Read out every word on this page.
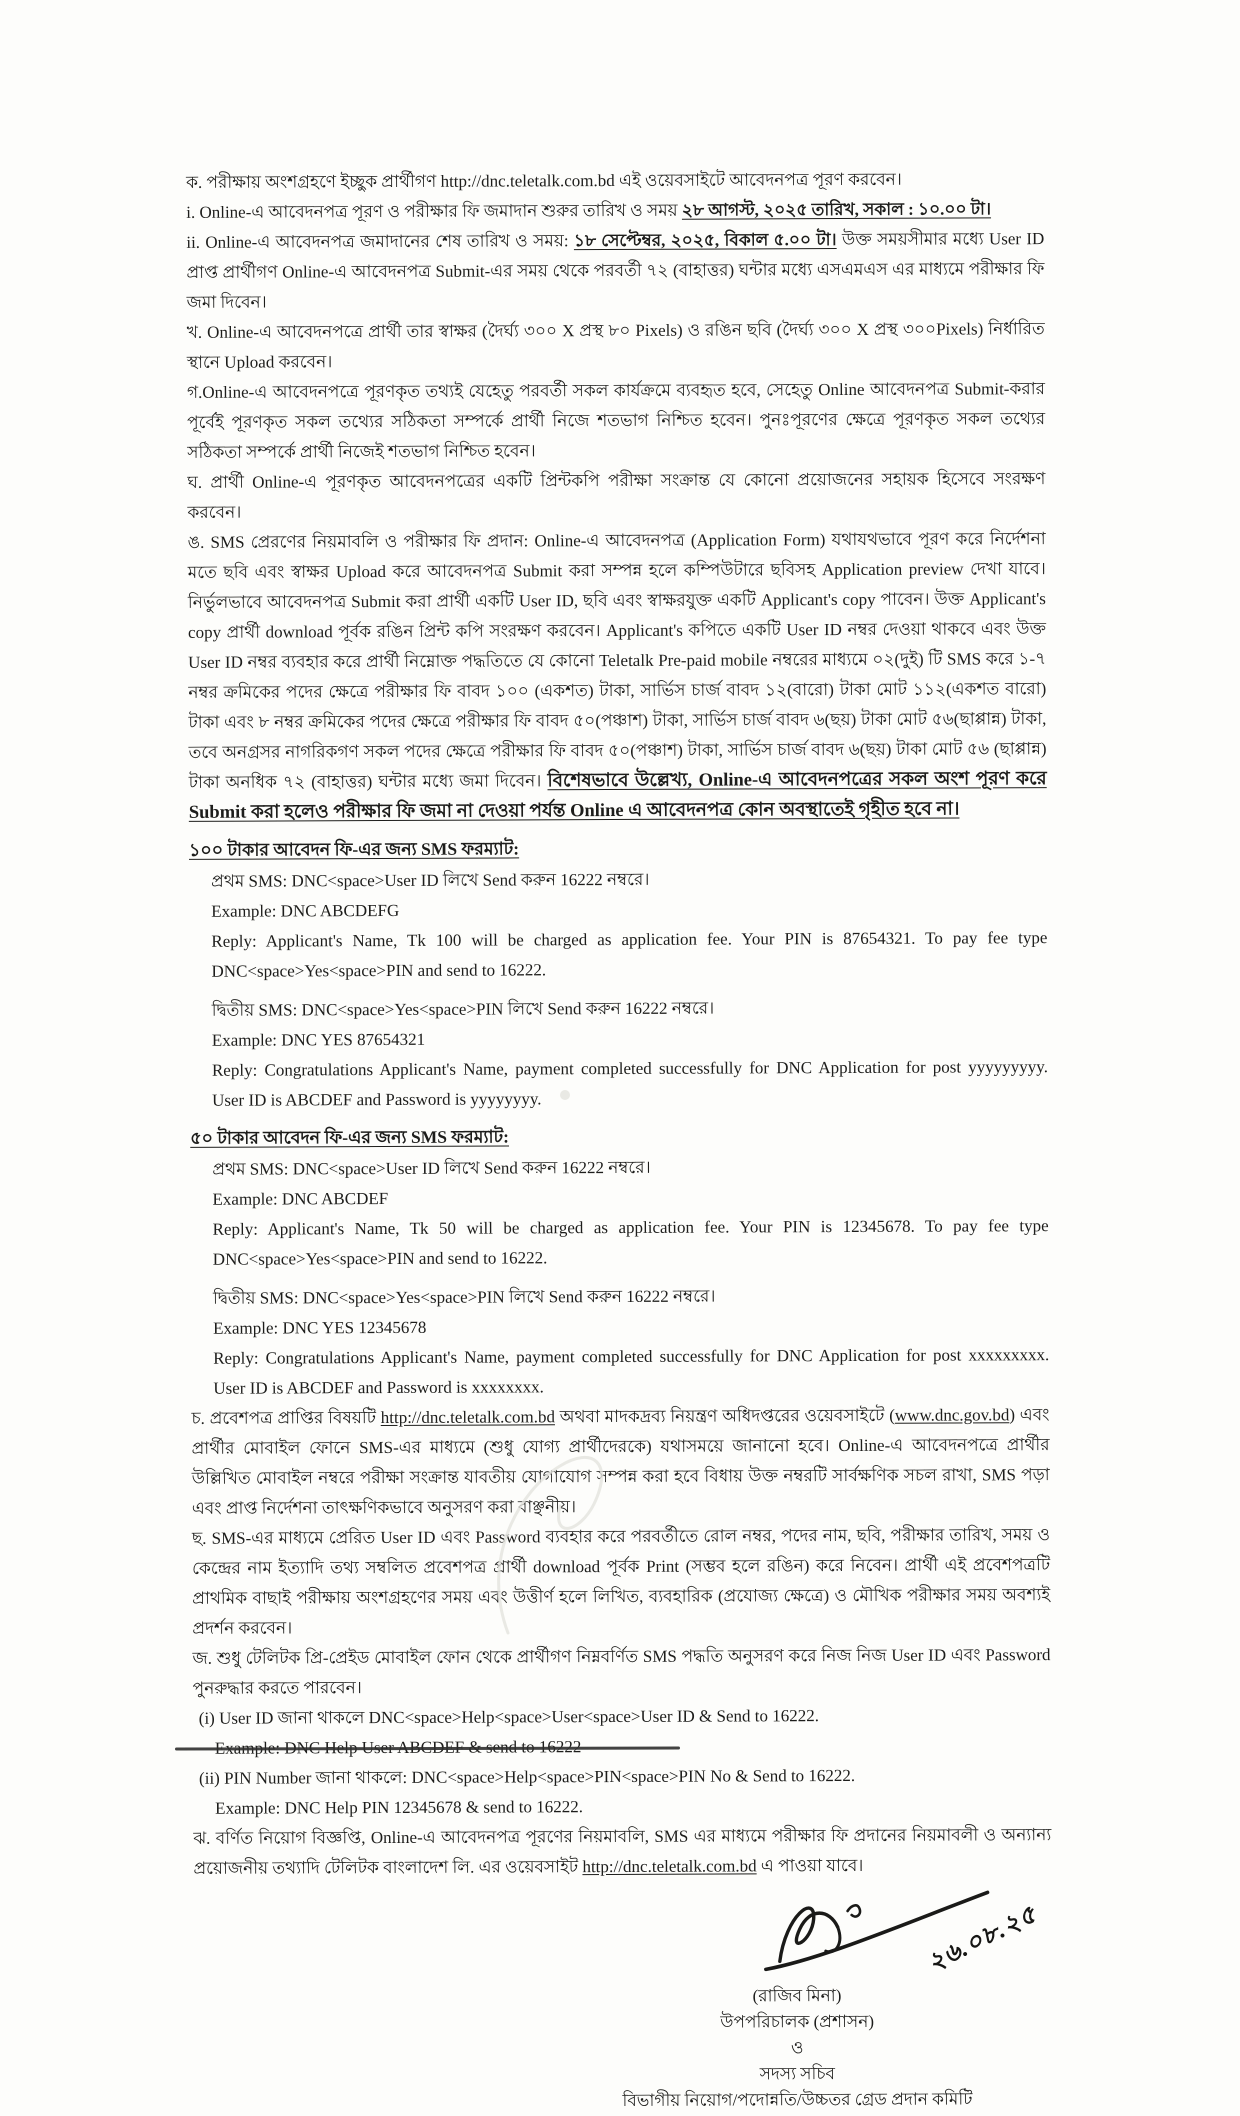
ক. পরীক্ষায় অংশগ্রহণে ইচ্ছুক প্রার্থীগণ http://dnc.teletalk.com.bd এই ওয়েবসাইটে আবেদনপত্র পূরণ করবেন।

i. Online-এ আবেদনপত্র পূরণ ও পরীক্ষার ফি জমাদান শুরুর তারিখ ও সময় ২৮ আগস্ট, ২০২৫ তারিখ, সকাল : ১০.০০ টা।

ii. Online-এ আবেদনপত্র জমাদানের শেষ তারিখ ও সময়: ১৮ সেপ্টেম্বর, ২০২৫, বিকাল ৫.০০ টা। উক্ত সময়সীমার মধ্যে User ID প্রাপ্ত প্রার্থীগণ Online-এ আবেদনপত্র Submit-এর সময় থেকে পরবর্তী ৭২ (বাহাত্তর) ঘন্টার মধ্যে এসএমএস এর মাধ্যমে পরীক্ষার ফি জমা দিবেন।

খ. Online-এ আবেদনপত্রে প্রার্থী তার স্বাক্ষর (দৈর্ঘ্য ৩০০ X প্রস্থ ৮০ Pixels) ও রঙিন ছবি (দৈর্ঘ্য ৩০০ X প্রস্থ ৩০০Pixels) নির্ধারিত স্থানে Upload করবেন।

গ.Online-এ আবেদনপত্রে পূরণকৃত তথ্যই যেহেতু পরবর্তী সকল কার্যক্রমে ব্যবহৃত হবে, সেহেতু Online আবেদনপত্র Submit-করার পূর্বেই পূরণকৃত সকল তথ্যের সঠিকতা সম্পর্কে প্রার্থী নিজে শতভাগ নিশ্চিত হবেন। পুনঃপূরণের ক্ষেত্রে পূরণকৃত সকল তথ্যের সঠিকতা সম্পর্কে প্রার্থী নিজেই শতভাগ নিশ্চিত হবেন।

ঘ. প্রার্থী Online-এ পূরণকৃত আবেদনপত্রের একটি প্রিন্টকপি পরীক্ষা সংক্রান্ত যে কোনো প্রয়োজনের সহায়ক হিসেবে সংরক্ষণ করবেন।

ঙ. SMS প্রেরণের নিয়মাবলি ও পরীক্ষার ফি প্রদান: Online-এ আবেদনপত্র (Application Form) যথাযথভাবে পূরণ করে নির্দেশনা মতে ছবি এবং স্বাক্ষর Upload করে আবেদনপত্র Submit করা সম্পন্ন হলে কম্পিউটারে ছবিসহ Application preview দেখা যাবে। নির্ভুলভাবে আবেদনপত্র Submit করা প্রার্থী একটি User ID, ছবি এবং স্বাক্ষরযুক্ত একটি Applicant's copy পাবেন। উক্ত Applicant's copy প্রার্থী download পূর্বক রঙিন প্রিন্ট কপি সংরক্ষণ করবেন। Applicant's কপিতে একটি User ID নম্বর দেওয়া থাকবে এবং উক্ত User ID নম্বর ব্যবহার করে প্রার্থী নিম্নোক্ত পদ্ধতিতে যে কোনো Teletalk Pre-paid mobile নম্বরের মাধ্যমে ০২(দুই) টি SMS করে ১-৭ নম্বর ক্রমিকের পদের ক্ষেত্রে পরীক্ষার ফি বাবদ ১০০ (একশত) টাকা, সার্ভিস চার্জ বাবদ ১২(বারো) টাকা মোট ১১২(একশত বারো) টাকা এবং ৮ নম্বর ক্রমিকের পদের ক্ষেত্রে পরীক্ষার ফি বাবদ ৫০(পঞ্চাশ) টাকা, সার্ভিস চার্জ বাবদ ৬(ছয়) টাকা মোট ৫৬(ছাপ্পান্ন) টাকা, তবে অনগ্রসর নাগরিকগণ সকল পদের ক্ষেত্রে পরীক্ষার ফি বাবদ ৫০(পঞ্চাশ) টাকা, সার্ভিস চার্জ বাবদ ৬(ছয়) টাকা মোট ৫৬ (ছাপ্পান্ন) টাকা অনধিক ৭২ (বাহাত্তর) ঘন্টার মধ্যে জমা দিবেন। বিশেষভাবে উল্লেখ্য, Online-এ আবেদনপত্রের সকল অংশ পূরণ করে Submit করা হলেও পরীক্ষার ফি জমা না দেওয়া পর্যন্ত Online এ আবেদনপত্র কোন অবস্থাতেই গৃহীত হবে না।

১০০ টাকার আবেদন ফি-এর জন্য SMS ফরম্যাট:

প্রথম SMS: DNC<space>User ID লিখে Send করুন 16222 নম্বরে।

Example: DNC ABCDEFG

Reply: Applicant's Name, Tk 100 will be charged as application fee. Your PIN is 87654321. To pay fee type DNC<space>Yes<space>PIN and send to 16222.

দ্বিতীয় SMS: DNC<space>Yes<space>PIN লিখে Send করুন 16222 নম্বরে।

Example: DNC YES 87654321

Reply: Congratulations Applicant's Name, payment completed successfully for DNC Application for post yyyyyyyyy. User ID is ABCDEF and Password is yyyyyyyy.

৫০ টাকার আবেদন ফি-এর জন্য SMS ফরম্যাট:

প্রথম SMS: DNC<space>User ID লিখে Send করুন 16222 নম্বরে।

Example: DNC ABCDEF

Reply: Applicant's Name, Tk 50 will be charged as application fee. Your PIN is 12345678. To pay fee type DNC<space>Yes<space>PIN and send to 16222.

দ্বিতীয় SMS: DNC<space>Yes<space>PIN লিখে Send করুন 16222 নম্বরে।

Example: DNC YES 12345678

Reply: Congratulations Applicant's Name, payment completed successfully for DNC Application for post xxxxxxxxx. User ID is ABCDEF and Password is xxxxxxxx.

চ. প্রবেশপত্র প্রাপ্তির বিষয়টি http://dnc.teletalk.com.bd অথবা মাদকদ্রব্য নিয়ন্ত্রণ অধিদপ্তরের ওয়েবসাইটে (www.dnc.gov.bd) এবং প্রার্থীর মোবাইল ফোনে SMS-এর মাধ্যমে (শুধু যোগ্য প্রার্থীদেরকে) যথাসময়ে জানানো হবে। Online-এ আবেদনপত্রে প্রার্থীর উল্লিখিত মোবাইল নম্বরে পরীক্ষা সংক্রান্ত যাবতীয় যোগাযোগ সম্পন্ন করা হবে বিধায় উক্ত নম্বরটি সার্বক্ষণিক সচল রাখা, SMS পড়া এবং প্রাপ্ত নির্দেশনা তাৎক্ষণিকভাবে অনুসরণ করা বাঞ্ছনীয়।

ছ. SMS-এর মাধ্যমে প্রেরিত User ID এবং Password ব্যবহার করে পরবর্তীতে রোল নম্বর, পদের নাম, ছবি, পরীক্ষার তারিখ, সময় ও কেন্দ্রের নাম ইত্যাদি তথ্য সম্বলিত প্রবেশপত্র প্রার্থী download পূর্বক Print (সম্ভব হলে রঙিন) করে নিবেন। প্রার্থী এই প্রবেশপত্রটি প্রাথমিক বাছাই পরীক্ষায় অংশগ্রহণের সময় এবং উত্তীর্ণ হলে লিখিত, ব্যবহারিক (প্রযোজ্য ক্ষেত্রে) ও মৌখিক পরীক্ষার সময় অবশ্যই প্রদর্শন করবেন।

জ. শুধু টেলিটক প্রি-প্রেইড মোবাইল ফোন থেকে প্রার্থীগণ নিম্নবর্ণিত SMS পদ্ধতি অনুসরণ করে নিজ নিজ User ID এবং Password পুনরুদ্ধার করতে পারবেন।

(i) User ID জানা থাকলে DNC<space>Help<space>User<space>User ID & Send to 16222.

(ii) PIN Number জানা থাকলে: DNC<space>Help<space>PIN<space>PIN No & Send to 16222.

Example: DNC Help PIN 12345678 & send to 16222.

ঝ. বর্ণিত নিয়োগ বিজ্ঞপ্তি, Online-এ আবেদনপত্র পূরণের নিয়মাবলি, SMS এর মাধ্যমে পরীক্ষার ফি প্রদানের নিয়মাবলী ও অন্যান্য প্রয়োজনীয় তথ্যাদি টেলিটক বাংলাদেশ লি. এর ওয়েবসাইট http://dnc.teletalk.com.bd এ পাওয়া যাবে।

২৬.০৮.২৫
(রাজিব মিনা)
উপপরিচালক (প্রশাসন)
ও
সদস্য সচিব
বিভাগীয় নিয়োগ/পদোন্নতি/উচ্চতর গ্রেড প্রদান কমিটি
